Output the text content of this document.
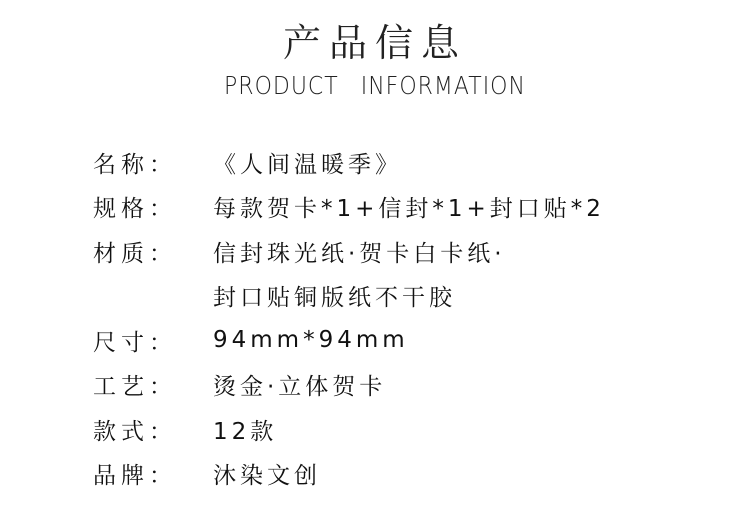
产品信息
PRODUCT INFORMATION
名称：	《人间温暖季》
规格：	每款贺卡*1+信封*1+封口贴*2
材质：	信封珠光纸·贺卡白卡纸·
封口贴铜版纸不干胶
尺寸：	94mm*94mm
工艺：	烫金·立体贺卡
款式：	12款
品牌：	沐染文创
